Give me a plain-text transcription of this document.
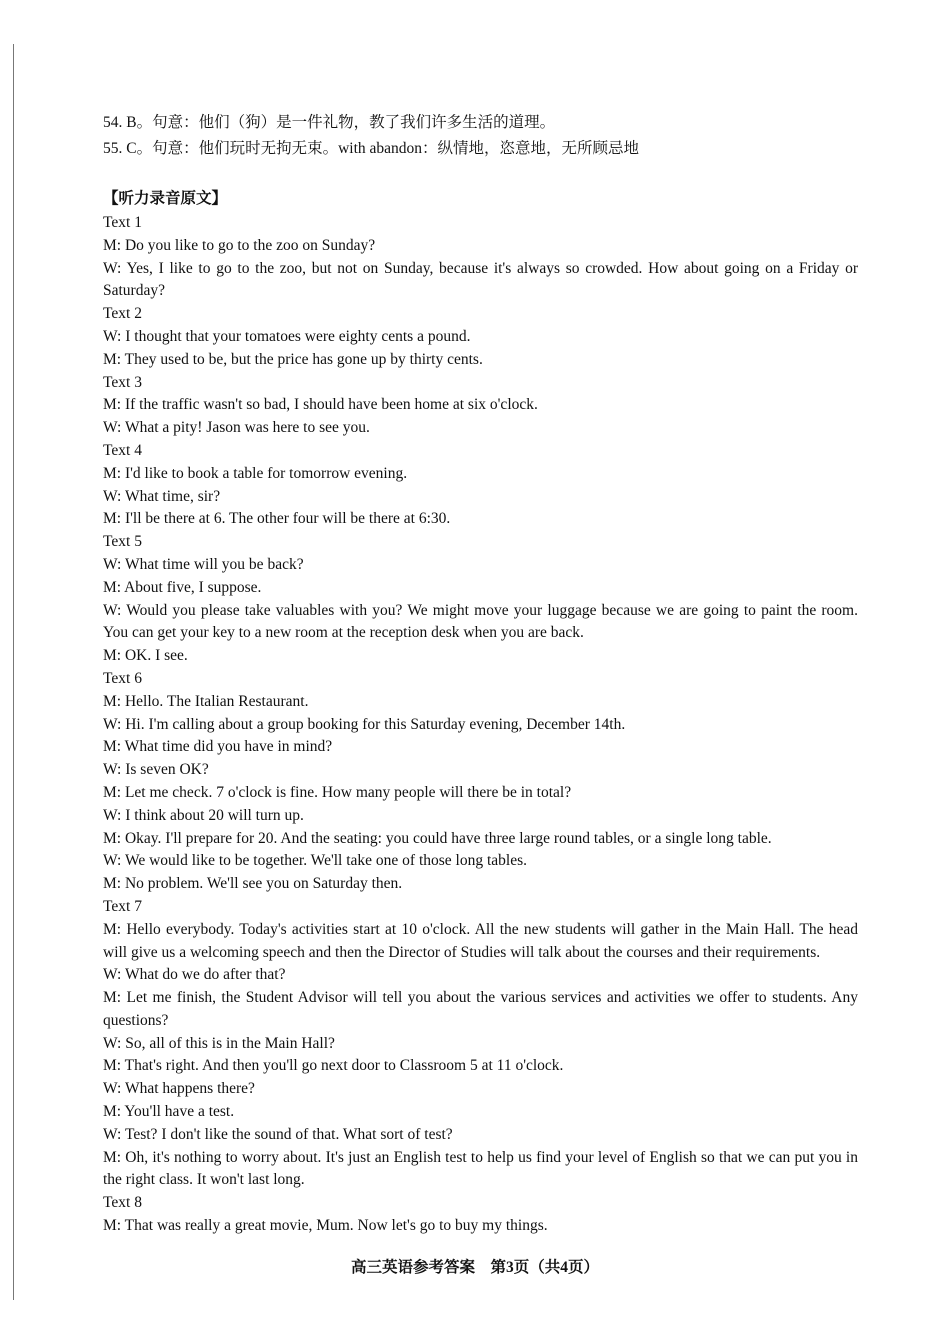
54. B。句意：他们（狗）是一件礼物，教了我们许多生活的道理。
55. C。句意：他们玩时无拘无束。with abandon：纵情地，恣意地，无所顾忌地
【听力录音原文】
Text 1
M: Do you like to go to the zoo on Sunday?
W: Yes, I like to go to the zoo, but not on Sunday, because it's always so crowded. How about going on a Friday or Saturday?
Text 2
W: I thought that your tomatoes were eighty cents a pound.
M: They used to be, but the price has gone up by thirty cents.
Text 3
M: If the traffic wasn't so bad, I should have been home at six o'clock.
W: What a pity! Jason was here to see you.
Text 4
M: I'd like to book a table for tomorrow evening.
W: What time, sir?
M: I'll be there at 6. The other four will be there at 6:30.
Text 5
W: What time will you be back?
M: About five, I suppose.
W: Would you please take valuables with you? We might move your luggage because we are going to paint the room. You can get your key to a new room at the reception desk when you are back.
M: OK. I see.
Text 6
M: Hello. The Italian Restaurant.
W: Hi. I'm calling about a group booking for this Saturday evening, December 14th.
M: What time did you have in mind?
W: Is seven OK?
M: Let me check. 7 o'clock is fine. How many people will there be in total?
W: I think about 20 will turn up.
M: Okay. I'll prepare for 20. And the seating: you could have three large round tables, or a single long table.
W: We would like to be together. We'll take one of those long tables.
M: No problem. We'll see you on Saturday then.
Text 7
M: Hello everybody. Today's activities start at 10 o'clock. All the new students will gather in the Main Hall. The head will give us a welcoming speech and then the Director of Studies will talk about the courses and their requirements.
W: What do we do after that?
M: Let me finish, the Student Advisor will tell you about the various services and activities we offer to students. Any questions?
W: So, all of this is in the Main Hall?
M: That's right. And then you'll go next door to Classroom 5 at 11 o'clock.
W: What happens there?
M: You'll have a test.
W: Test? I don't like the sound of that. What sort of test?
M: Oh, it's nothing to worry about. It's just an English test to help us find your level of English so that we can put you in the right class. It won't last long.
Text 8
M: That was really a great movie, Mum. Now let's go to buy my things.
高三英语参考答案　第3页（共4页）
